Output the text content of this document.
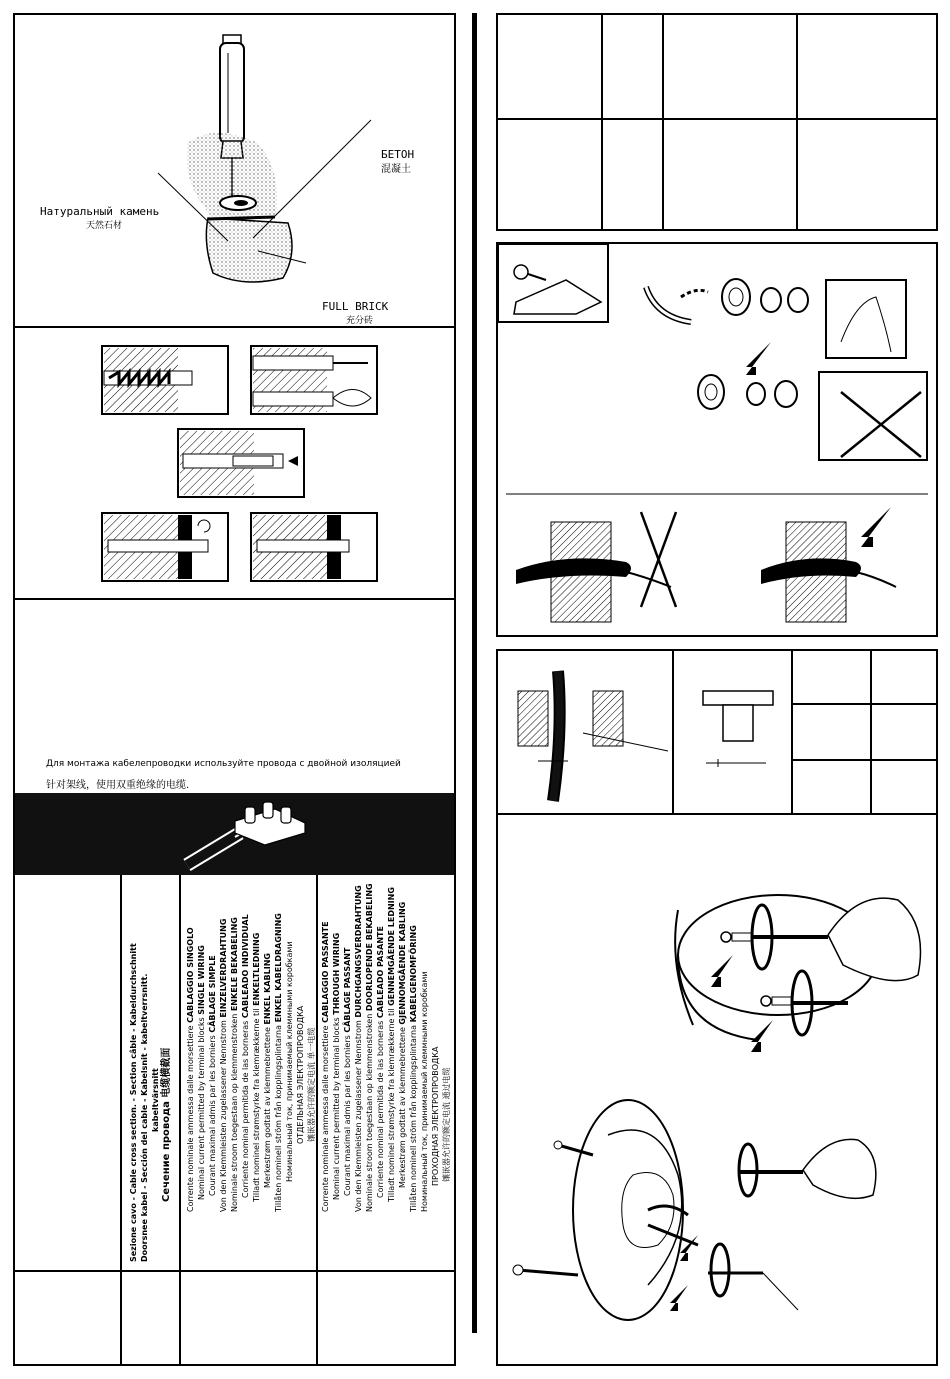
Натуральный камень
天然石材
БЕТОН
混凝土
FULL BRICK
充分砖
Для монтажа кабелепроводки используйте провода с двойной изоляцией
针对架线，使用双重绝缘的电缆.
Sezione cavo - Cable cross section. - Section câble - Kabeldurchschnitt Doorsnee kabel - Sección del cable - Kabelsnit - kabeltverrsnitt. kabeltvärsnitt Сечение провода 电缆横截面 Corrente nominale ammessa dalle morsettiere CABLAGGIO SINGOLO
Nominal current permitted by terminal blocks SINGLE WIRING
Courant maximal admis par les borniers CÂBLAGE SIMPLE
Von den Klemmleisten zugelassener Nennstrom EINZELVERDRAHTUNG
Nominale stroom toegestaan op klemmenstroken ENKELE BEKABELING
Corriente nominal permitida de las borneras CABLEADO INDIVIDUAL
Tilladt nominel strømstyrke fra klemrækkerne til ENKELTLEDNING
Merkestrøm godtatt av klemmebrettene ENKEL KABLING
Tillåten nominell ström från kopplingsplintarna ENKEL KABELDRAGNING Номинальный ток, принимаемый клеммными коробками ОТДЕЛЬНАЯ ЭЛЕКТРОПРОВОДКА 镶嵌器允许的额定电流 单一电缆 Corrente nominale ammessa dalle morsettiere CABLAGGIO PASSANTE
Nominal current permitted by terminal blocks THROUGH WIRING
Courant maximal admis par les borniers CÂBLAGE PASSANT
Von den Klemmleisten zugelassener Nennstrom DURCHGANGSVERDRAHTUNG
Nominale stroom toegestaan op klemmenstroken DOORLOPENDE BEKABELING
Corriente nominal permitida de las borneras CABLEADO PASANTE
Tilladt nominel strømstyrke fra klemrækkerne til GENNEMGÅENDE LEDNING
Merkestrøm godtatt av klemmebrettene GJENNOMGÅENDE KABLING
Tillåten nominell ström från kopplingsplintarna KABELGENOMFÖRING Номинальный ток, принимаемый клеммными коробками ПРОХОДНАЯ ЭЛЕКТРОПРОВОДКА 镶嵌器允许的额定电流 通过电缆
